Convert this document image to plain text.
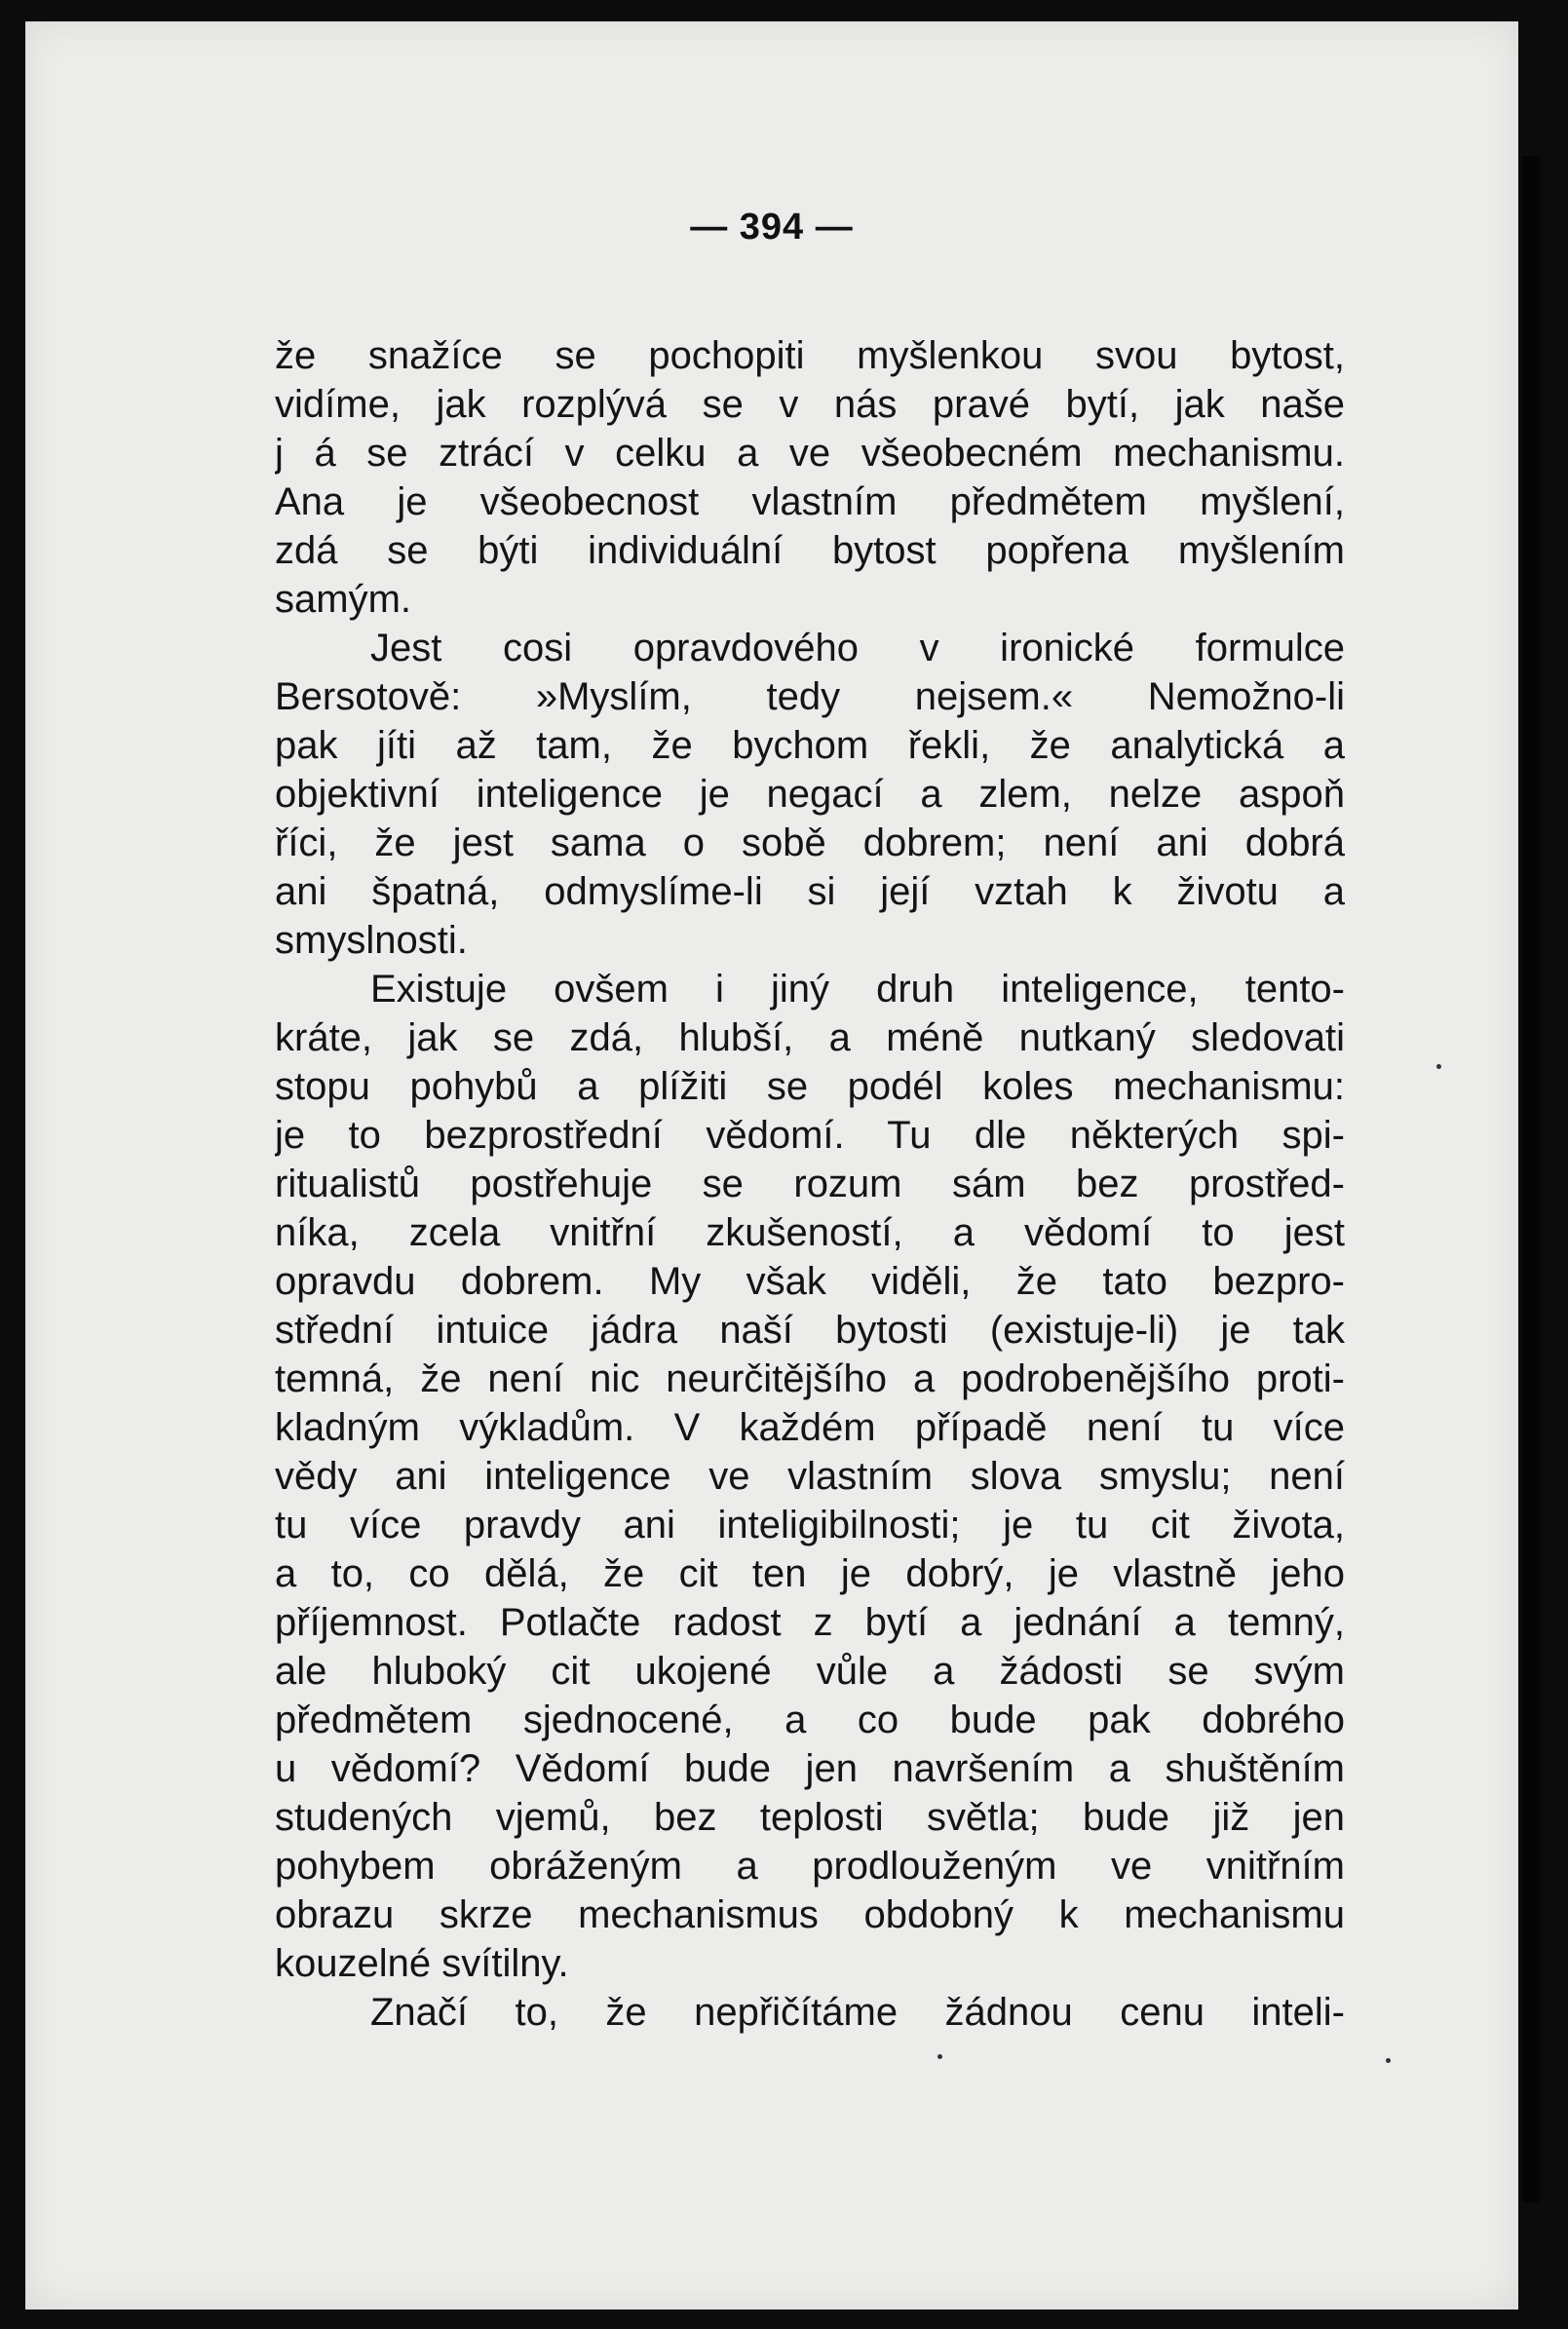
— 394 —
že snažíce se pochopiti myšlenkou svou bytost,
vidíme, jak rozplývá se v nás pravé bytí, jak naše
j á se ztrácí v celku a ve všeobecném mechanismu.
Ana je všeobecnost vlastním předmětem myšlení,
zdá se býti individuální bytost popřena myšlením
samým.
Jest cosi opravdového v ironické formulce
Bersotově: »Myslím, tedy nejsem.« Nemožno-li
pak jíti až tam, že bychom řekli, že analytická a
objektivní inteligence je negací a zlem, nelze aspoň
říci, že jest sama o sobě dobrem; není ani dobrá
ani špatná, odmyslíme-li si její vztah k životu a
smyslnosti.
Existuje ovšem i jiný druh inteligence, tento-
kráte, jak se zdá, hlubší, a méně nutkaný sledovati
stopu pohybů a plížiti se podél koles mechanismu:
je to bezprostřední vědomí. Tu dle některých spi-
ritualistů postřehuje se rozum sám bez prostřed-
níka, zcela vnitřní zkušeností, a vědomí to jest
opravdu dobrem. My však viděli, že tato bezpro-
střední intuice jádra naší bytosti (existuje-li) je tak
temná, že není nic neurčitějšího a podrobenějšího proti-
kladným výkladům. V každém případě není tu více
vědy ani inteligence ve vlastním slova smyslu; není
tu více pravdy ani inteligibilnosti; je tu cit života,
a to, co dělá, že cit ten je dobrý, je vlastně jeho
příjemnost. Potlačte radost z bytí a jednání a temný,
ale hluboký cit ukojené vůle a žádosti se svým
předmětem sjednocené, a co bude pak dobrého
u vědomí? Vědomí bude jen navršením a shuštěním
studených vjemů, bez teplosti světla; bude již jen
pohybem obráženým a prodlouženým ve vnitřním
obrazu skrze mechanismus obdobný k mechanismu
kouzelné svítilny.
Značí to, že nepřičítáme žádnou cenu inteli-
